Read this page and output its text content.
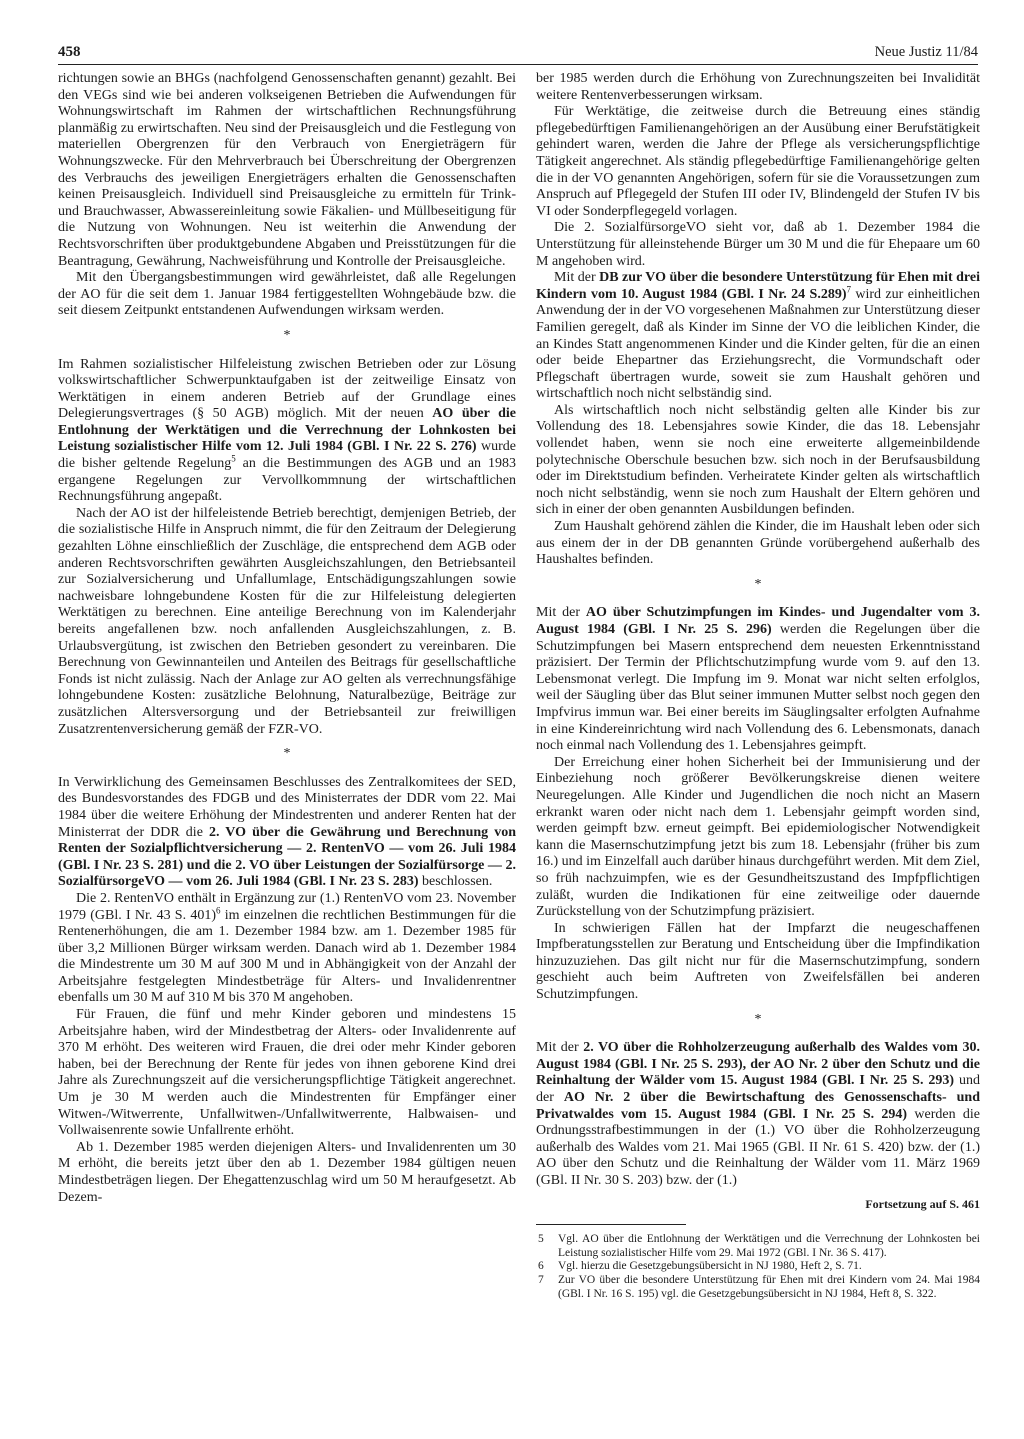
458	Neue Justiz 11/84

richtungen sowie an BHGs (nachfolgend Genossenschaften genannt) gezahlt. Bei den VEGs sind wie bei anderen volkseigenen Betrieben die Aufwendungen für Wohnungswirtschaft im Rahmen der wirtschaftlichen Rechnungsführung planmäßig zu erwirtschaften. Neu sind der Preisausgleich und die Festlegung von materiellen Obergrenzen für den Verbrauch von Energieträgern für Wohnungszwecke. Für den Mehrverbrauch bei Überschreitung der Obergrenzen des Verbrauchs des jeweiligen Energieträgers erhalten die Genossenschaften keinen Preisausgleich. Individuell sind Preisausgleiche zu ermitteln für Trink- und Brauchwasser, Abwassereinleitung sowie Fäkalien- und Müllbeseitigung für die Nutzung von Wohnungen. Neu ist weiterhin die Anwendung der Rechtsvorschriften über produktgebundene Abgaben und Preisstützungen für die Beantragung, Gewährung, Nachweisführung und Kontrolle der Preisausgleiche.

Mit den Übergangsbestimmungen wird gewährleistet, daß alle Regelungen der AO für die seit dem 1. Januar 1984 fertiggestellten Wohngebäude bzw. die seit diesem Zeitpunkt entstandenen Aufwendungen wirksam werden.

*

Im Rahmen sozialistischer Hilfeleistung zwischen Betrieben oder zur Lösung volkswirtschaftlicher Schwerpunktaufgaben ist der zeitweilige Einsatz von Werktätigen in einem anderen Betrieb auf der Grundlage eines Delegierungsvertrages (§ 50 AGB) möglich. Mit der neuen AO über die Entlohnung der Werktätigen und die Verrechnung der Lohnkosten bei Leistung sozialistischer Hilfe vom 12. Juli 1984 (GBl. I Nr. 22 S. 276) wurde die bisher geltende Regelung$^5$ an die Bestimmungen des AGB und an 1983 ergangene Regelungen zur Vervollkommnung der wirtschaftlichen Rechnungsführung angepaßt.

Nach der AO ist der hilfeleistende Betrieb berechtigt, demjenigen Betrieb, der die sozialistische Hilfe in Anspruch nimmt, die für den Zeitraum der Delegierung gezahlten Löhne einschließlich der Zuschläge, die entsprechend dem AGB oder anderen Rechtsvorschriften gewährten Ausgleichszahlungen, den Betriebsanteil zur Sozialversicherung und Unfallumlage, Entschädigungszahlungen sowie nachweisbare lohngebundene Kosten für die zur Hilfeleistung delegierten Werktätigen zu berechnen. Eine anteilige Berechnung von im Kalenderjahr bereits angefallenen bzw. noch anfallenden Ausgleichszahlungen, z. B. Urlaubsvergütung, ist zwischen den Betrieben gesondert zu vereinbaren. Die Berechnung von Gewinnanteilen und Anteilen des Beitrags für gesellschaftliche Fonds ist nicht zulässig. Nach der Anlage zur AO gelten als verrechnungsfähige lohngebundene Kosten: zusätzliche Belohnung, Naturalbezüge, Beiträge zur zusätzlichen Altersversorgung und der Betriebsanteil zur freiwilligen Zusatzrentenversicherung gemäß der FZR-VO.

*

In Verwirklichung des Gemeinsamen Beschlusses des Zentralkomitees der SED, des Bundesvorstandes des FDGB und des Ministerrates der DDR vom 22. Mai 1984 über die weitere Erhöhung der Mindestrenten und anderer Renten hat der Ministerrat der DDR die 2. VO über die Gewährung und Berechnung von Renten der Sozialpflichtversicherung — 2. RentenVO — vom 26. Juli 1984 (GBl. I Nr. 23 S. 281) und die 2. VO über Leistungen der Sozialfürsorge — 2. SozialfürsorgeVO — vom 26. Juli 1984 (GBl. I Nr. 23 S. 283) beschlossen.

Die 2. RentenVO enthält in Ergänzung zur (1.) RentenVO vom 23. November 1979 (GBl. I Nr. 43 S. 401)$^6$ im einzelnen die rechtlichen Bestimmungen für die Rentenerhöhungen, die am 1. Dezember 1984 bzw. am 1. Dezember 1985 für über 3,2 Millionen Bürger wirksam werden. Danach wird ab 1. Dezember 1984 die Mindestrente um 30 M auf 300 M und in Abhängigkeit von der Anzahl der Arbeitsjahre festgelegten Mindestbeträge für Alters- und Invalidenrentner ebenfalls um 30 M auf 310 M bis 370 M angehoben.

Für Frauen, die fünf und mehr Kinder geboren und mindestens 15 Arbeitsjahre haben, wird der Mindestbetrag der Alters- oder Invalidenrente auf 370 M erhöht. Des weiteren wird Frauen, die drei oder mehr Kinder geboren haben, bei der Berechnung der Rente für jedes von ihnen geborene Kind drei Jahre als Zurechnungszeit auf die versicherungspflichtige Tätigkeit angerechnet. Um je 30 M werden auch die Mindestrenten für Empfänger einer Witwen-/Witwerrente, Unfallwitwen-/Unfallwitwerrente, Halbwaisen- und Vollwaisenrente sowie Unfallrente erhöht.

Ab 1. Dezember 1985 werden diejenigen Alters- und Invalidenrenten um 30 M erhöht, die bereits jetzt über den ab 1. Dezember 1984 gültigen neuen Mindestbeträgen liegen. Der Ehegattenzuschlag wird um 50 M heraufgesetzt. Ab Dezem-

ber 1985 werden durch die Erhöhung von Zurechnungszeiten bei Invalidität weitere Rentenverbesserungen wirksam.

Für Werktätige, die zeitweise durch die Betreuung eines ständig pflegebedürftigen Familienangehörigen an der Ausübung einer Berufstätigkeit gehindert waren, werden die Jahre der Pflege als versicherungspflichtige Tätigkeit angerechnet. Als ständig pflegebedürftige Familienangehörige gelten die in der VO genannten Angehörigen, sofern für sie die Voraussetzungen zum Anspruch auf Pflegegeld der Stufen III oder IV, Blindengeld der Stufen IV bis VI oder Sonderpflegegeld vorlagen.

Die 2. SozialfürsorgeVO sieht vor, daß ab 1. Dezember 1984 die Unterstützung für alleinstehende Bürger um 30 M und die für Ehepaare um 60 M angehoben wird.

Mit der DB zur VO über die besondere Unterstützung für Ehen mit drei Kindern vom 10. August 1984 (GBl. I Nr. 24 S.289)$^7$ wird zur einheitlichen Anwendung der in der VO vorgesehenen Maßnahmen zur Unterstützung dieser Familien geregelt, daß als Kinder im Sinne der VO die leiblichen Kinder, die an Kindes Statt angenommenen Kinder und die Kinder gelten, für die an einen oder beide Ehepartner das Erziehungsrecht, die Vormundschaft oder Pflegschaft übertragen wurde, soweit sie zum Haushalt gehören und wirtschaftlich noch nicht selbständig sind.

Als wirtschaftlich noch nicht selbständig gelten alle Kinder bis zur Vollendung des 18. Lebensjahres sowie Kinder, die das 18. Lebensjahr vollendet haben, wenn sie noch eine erweiterte allgemeinbildende polytechnische Oberschule besuchen bzw. sich noch in der Berufsausbildung oder im Direktstudium befinden. Verheiratete Kinder gelten als wirtschaftlich noch nicht selbständig, wenn sie noch zum Haushalt der Eltern gehören und sich in einer der oben genannten Ausbildungen befinden.

Zum Haushalt gehörend zählen die Kinder, die im Haushalt leben oder sich aus einem der in der DB genannten Gründe vorübergehend außerhalb des Haushaltes befinden.

*

Mit der AO über Schutzimpfungen im Kindes- und Jugendalter vom 3. August 1984 (GBl. I Nr. 25 S. 296) werden die Regelungen über die Schutzimpfungen bei Masern entsprechend dem neuesten Erkenntnisstand präzisiert. Der Termin der Pflichtschutzimpfung wurde vom 9. auf den 13. Lebensmonat verlegt. Die Impfung im 9. Monat war nicht selten erfolglos, weil der Säugling über das Blut seiner immunen Mutter selbst noch gegen den Impfvirus immun war. Bei einer bereits im Säuglingsalter erfolgten Aufnahme in eine Kindereinrichtung wird nach Vollendung des 6. Lebensmonats, danach noch einmal nach Vollendung des 1. Lebensjahres geimpft.

Der Erreichung einer hohen Sicherheit bei der Immunisierung und der Einbeziehung noch größerer Bevölkerungskreise dienen weitere Neuregelungen. Alle Kinder und Jugendlichen die noch nicht an Masern erkrankt waren oder nicht nach dem 1. Lebensjahr geimpft worden sind, werden geimpft bzw. erneut geimpft. Bei epidemiologischer Notwendigkeit kann die Masernschutzimpfung jetzt bis zum 18. Lebensjahr (früher bis zum 16.) und im Einzelfall auch darüber hinaus durchgeführt werden. Mit dem Ziel, so früh nachzuimpfen, wie es der Gesundheitszustand des Impfpflichtigen zuläßt, wurden die Indikationen für eine zeitweilige oder dauernde Zurückstellung von der Schutzimpfung präzisiert.

In schwierigen Fällen hat der Impfarzt die neugeschaffenen Impfberatungsstellen zur Beratung und Entscheidung über die Impfindikation hinzuzuziehen. Das gilt nicht nur für die Masernschutzimpfung, sondern geschieht auch beim Auftreten von Zweifelsfällen bei anderen Schutzimpfungen.

*

Mit der 2. VO über die Rohholzerzeugung außerhalb des Waldes vom 30. August 1984 (GBl. I Nr. 25 S. 293), der AO Nr. 2 über den Schutz und die Reinhaltung der Wälder vom 15. August 1984 (GBl. I Nr. 25 S. 293) und der AO Nr. 2 über die Bewirtschaftung des Genossenschafts- und Privatwaldes vom 15. August 1984 (GBl. I Nr. 25 S. 294) werden die Ordnungsstrafbestimmungen in der (1.) VO über die Rohholzerzeugung außerhalb des Waldes vom 21. Mai 1965 (GBl. II Nr. 61 S. 420) bzw. der (1.) AO über den Schutz und die Reinhaltung der Wälder vom 11. März 1969 (GBl. II Nr. 30 S. 203) bzw. der (1.)

Fortsetzung auf S. 461

5 Vgl. AO über die Entlohnung der Werktätigen und die Verrechnung der Lohnkosten bei Leistung sozialistischer Hilfe vom 29. Mai 1972 (GBl. I Nr. 36 S. 417).

6 Vgl. hierzu die Gesetzgebungsübersicht in NJ 1980, Heft 2, S. 71.

7 Zur VO über die besondere Unterstützung für Ehen mit drei Kindern vom 24. Mai 1984 (GBl. I Nr. 16 S. 195) vgl. die Gesetzgebungsübersicht in NJ 1984, Heft 8, S. 322.
